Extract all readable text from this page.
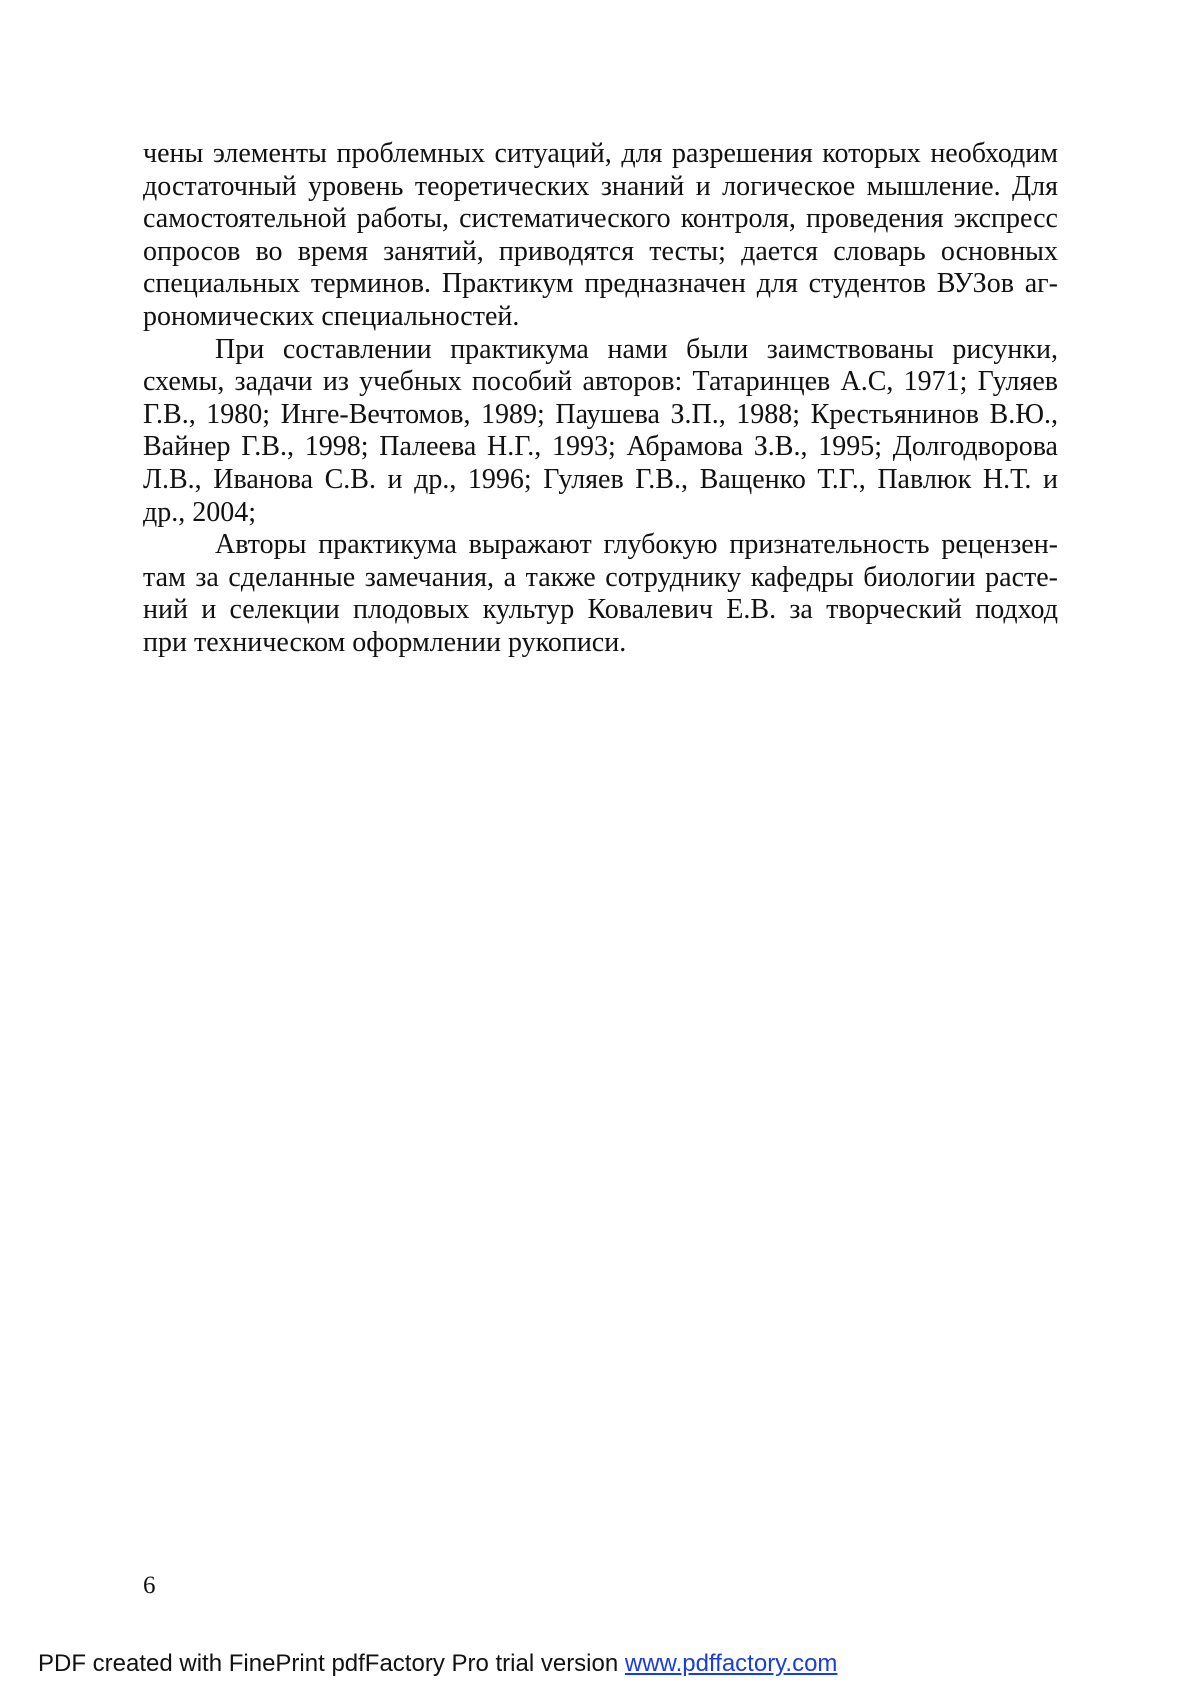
чены элементы проблемных ситуаций, для разрешения которых необходим
достаточный уровень теоретических знаний и логическое мышление. Для
самостоятельной работы, систематического контроля, проведения экспресс
опросов во время занятий, приводятся тесты; дается словарь основных
специальных терминов. Практикум предназначен для студентов ВУЗов аг-
рономических специальностей.
При составлении практикума нами были заимствованы рисунки,
схемы, задачи из учебных пособий авторов: Татаринцев А.С, 1971; Гуляев
Г.В., 1980; Инге-Вечтомов, 1989; Паушева З.П., 1988; Крестьянинов В.Ю.,
Вайнер Г.В., 1998; Палеева Н.Г., 1993; Абрамова З.В., 1995; Долгодворова
Л.В., Иванова С.В. и др., 1996; Гуляев Г.В., Ващенко Т.Г., Павлюк Н.Т. и
др., 2004;
Авторы практикума выражают глубокую признательность рецензен-
там за сделанные замечания, а также сотруднику кафедры биологии расте-
ний и селекции плодовых культур Ковалевич Е.В. за творческий подход
при техническом оформлении рукописи.
6
PDF created with FinePrint pdfFactory Pro trial version www.pdffactory.com
